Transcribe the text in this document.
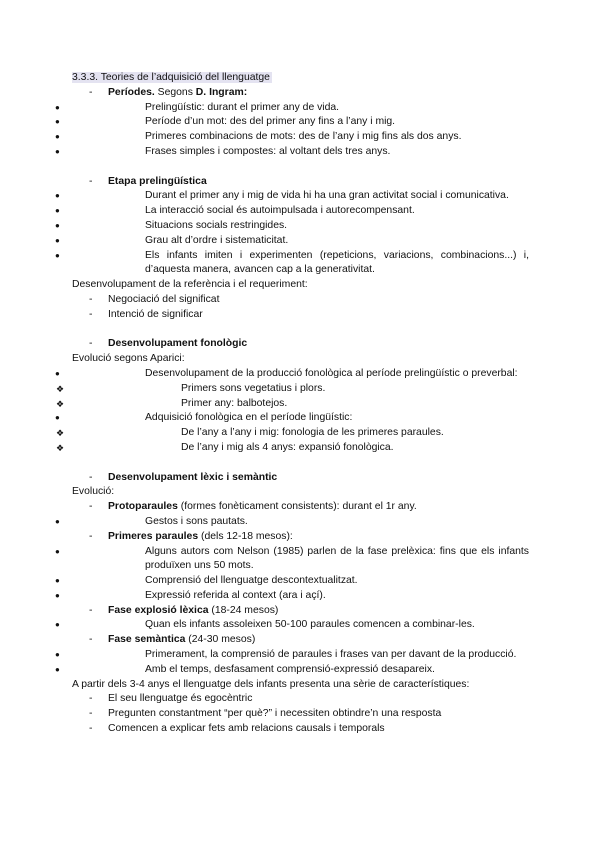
3.3.3. Teories de l’adquisició del llenguatge
- Períodes. Segons D. Ingram:
●	Prelingüístic: durant el primer any de vida.
●	Període d’un mot: des del primer any fins a l’any i mig.
●	Primeres combinacions de mots: des de l’any i mig fins als dos anys.
●	Frases simples i compostes: al voltant dels tres anys.
- Etapa prelingüística
●	Durant el primer any i mig de vida hi ha una gran activitat social i comunicativa.
●	La interacció social és autoimpulsada i autorecompensant.
●	Situacions socials restringides.
●	Grau alt d’ordre i sistematicitat.
●	Els infants imiten i experimenten (repeticions, variacions, combinacions...) i, d’aquesta manera, avancen cap a la generativitat.
Desenvolupament de la referència i el requeriment:
- Negociació del significat
- Intenció de significar
- Desenvolupament fonològic
Evolució segons Aparici:
●	Desenvolupament de la producció fonològica al període prelingüístic o preverbal:
❖	Primers sons vegetatius i plors.
❖	Primer any: balbotejos.
●	Adquisició fonològica en el període lingüístic:
❖	De l’any a l’any i mig: fonologia de les primeres paraules.
❖	De l’any i mig als 4 anys: expansió fonològica.
- Desenvolupament lèxic i semàntic
Evolució:
- Protoparaules (formes fonèticament consistents): durant el 1r any.
●	Gestos i sons pautats.
- Primeres paraules (dels 12-18 mesos):
●	Alguns autors com Nelson (1985) parlen de la fase prelèxica: fins que els infants produïxen uns 50 mots.
●	Comprensió del llenguatge descontextualitzat.
●	Expressió referida al context (ara i açí).
- Fase explosió lèxica (18-24 mesos)
●	Quan els infants assoleixen 50-100 paraules comencen a combinar-les.
- Fase semàntica (24-30 mesos)
●	Primerament, la comprensió de paraules i frases van per davant de la producció.
●	Amb el temps, desfasament comprensió-expressió desapareix.
A partir dels 3-4 anys el llenguatge dels infants presenta una sèrie de característiques:
- El seu llenguatge és egocèntric
- Pregunten constantment “per què?” i necessiten obtindre’n una resposta
- Comencen a explicar fets amb relacions causals i temporals
